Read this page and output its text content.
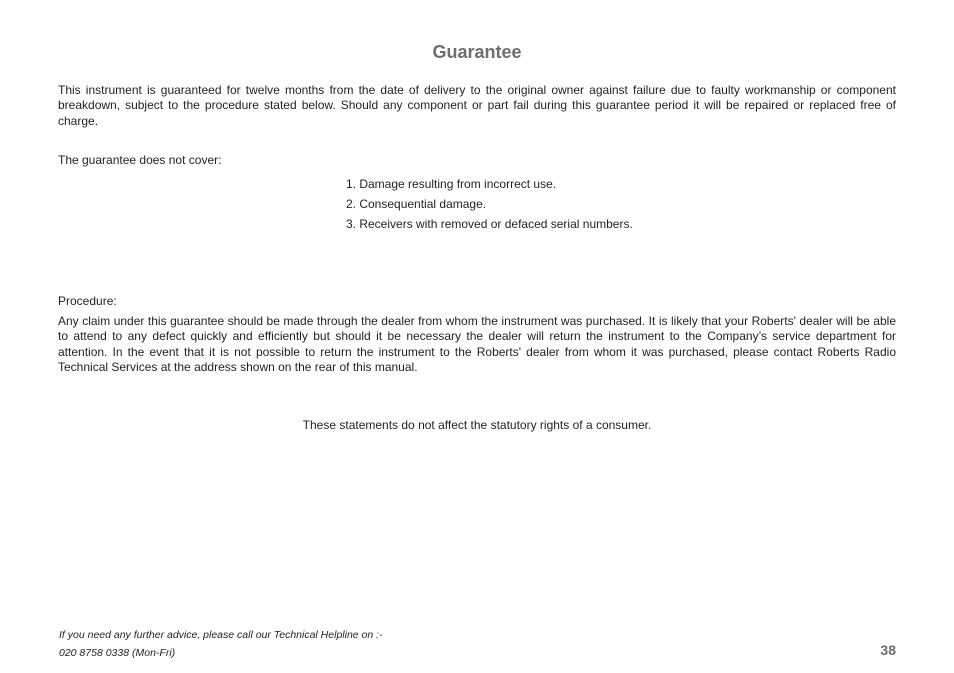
Guarantee

This instrument is guaranteed for twelve months from the date of delivery to the original owner against failure due to faulty workmanship or component breakdown, subject to the procedure stated below. Should any component or part fail during this guarantee period it will be repaired or replaced free of charge.

The guarantee does not cover:

1. Damage resulting from incorrect use.
2. Consequential damage.
3. Receivers with removed or defaced serial numbers.

Procedure:

Any claim under this guarantee should be made through the dealer from whom the instrument was purchased. It is likely that your Roberts' dealer will be able to attend to any defect quickly and efficiently but should it be necessary the dealer will return the instrument to the Company’s service department for attention. In the event that it is not possible to return the instrument to the Roberts' dealer from whom it was purchased, please contact Roberts Radio Technical Services at the address shown on the rear of this manual.

These statements do not affect the statutory rights of a consumer.

If you need any further advice, please call our Technical Helpline on :-

020 8758 0338 (Mon-Fri)	38
